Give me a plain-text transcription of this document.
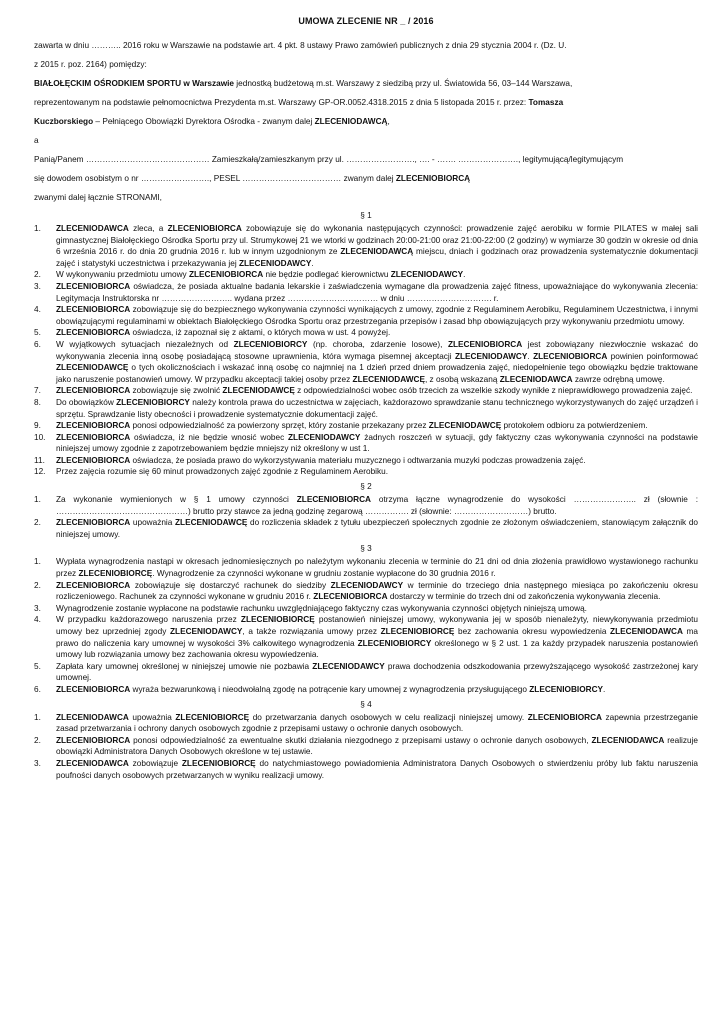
UMOWA ZLECENIE NR _ / 2016

zawarta w dniu ……….. 2016 roku w Warszawie na podstawie art. 4 pkt. 8 ustawy Prawo zamówień publicznych z dnia 29 stycznia 2004 r. (Dz. U.

z 2015 r. poz. 2164) pomiędzy:

BIAŁOŁĘCKIM OŚRODKIEM SPORTU w Warszawie jednostką budżetową m.st. Warszawy z siedzibą przy ul. Światowida 56, 03–144 Warszawa,

reprezentowanym na podstawie pełnomocnictwa Prezydenta m.st. Warszawy GP-OR.0052.4318.2015 z dnia 5 listopada 2015 r. przez: Tomasza

Kuczborskiego – Pełniącego Obowiązki Dyrektora Ośrodka - zwanym dalej ZLECENIODAWCĄ,

a

Panią/Panem ……………………………………… Zamieszkałą/zamieszkanym przy ul. ……………………., …. - ……. …………………., legitymującą/legitymującym

się dowodem osobistym o nr ……………………., PESEL ……………………………… zwanym dalej ZLECENIOBIORCĄ

zwanymi dalej łącznie STRONAMI,

§ 1
1. ZLECENIODAWCA zleca, a ZLECENIOBIORCA zobowiązuje się do wykonania następujących czynności: prowadzenie zajęć aerobiku w formie PILATES w małej sali gimnastycznej Białołęckiego Ośrodka Sportu przy ul. Strumykowej 21 we wtorki w godzinach 20:00-21:00 oraz 21:00-22:00 (2 godziny) w wymiarze 30 godzin w okresie od dnia 6 września 2016 r. do dnia 20 grudnia 2016 r. lub w innym uzgodnionym ze ZLECENIODAWCĄ miejscu, dniach i godzinach oraz prowadzenia systematycznie dokumentacji zajęć i statystyki uczestnictwa i przekazywania jej ZLECENIODAWCY.
2. W wykonywaniu przedmiotu umowy ZLECENIOBIORCA nie będzie podlegać kierownictwu ZLECENIODAWCY.
3. ZLECENIOBIORCA oświadcza, że posiada aktualne badania lekarskie i zaświadczenia wymagane dla prowadzenia zajęć fitness, upoważniające do wykonywania zlecenia: Legitymacja Instruktorska nr …………………….. wydana przez …………………………… w dniu …………………………. r.
4. ZLECENIOBIORCA zobowiązuje się do bezpiecznego wykonywania czynności wynikających z umowy, zgodnie z Regulaminem Aerobiku, Regulaminem Uczestnictwa, i innymi obowiązującymi regulaminami w obiektach Białołęckiego Ośrodka Sportu oraz przestrzegania przepisów i zasad bhp obowiązujących przy wykonywaniu przedmiotu umowy.
5. ZLECENIOBIORCA oświadcza, iż zapoznał się z aktami, o których mowa w ust. 4 powyżej.
6. W wyjątkowych sytuacjach niezależnych od ZLECENIOBIORCY (np. choroba, zdarzenie losowe), ZLECENIOBIORCA jest zobowiązany niezwłocznie wskazać do wykonywania zlecenia inną osobę posiadającą stosowne uprawnienia, która wymaga pisemnej akceptacji ZLECENIODAWCY. ZLECENIOBIORCA powinien poinformować ZLECENIODAWCĘ o tych okolicznościach i wskazać inną osobę co najmniej na 1 dzień przed dniem prowadzenia zajęć, niedopełnienie tego obowiązku będzie traktowane jako naruszenie postanowień umowy. W przypadku akceptacji takiej osoby przez ZLECENIODAWCĘ, z osobą wskazaną ZLECENIODAWCA zawrze odrębną umowę.
7. ZLECENIOBIORCA zobowiązuje się zwolnić ZLECENIODAWCĘ z odpowiedzialności wobec osób trzecich za wszelkie szkody wynikłe z nieprawidłowego prowadzenia zajęć.
8. Do obowiązków ZLECENIOBIORCY należy kontrola prawa do uczestnictwa w zajęciach, każdorazowo sprawdzanie stanu technicznego wykorzystywanych do zajęć urządzeń i sprzętu. Sprawdzanie listy obecności i prowadzenie systematycznie dokumentacji zajęć.
9. ZLECENIOBIORCA ponosi odpowiedzialność za powierzony sprzęt, który zostanie przekazany przez ZLECENIODAWCĘ protokołem odbioru za potwierdzeniem.
10. ZLECENIOBIORCA oświadcza, iż nie będzie wnosić wobec ZLECENIODAWCY żadnych roszczeń w sytuacji, gdy faktyczny czas wykonywania czynności na podstawie niniejszej umowy zgodnie z zapotrzebowaniem będzie mniejszy niż określony w ust 1.
11. ZLECENIOBIORCA oświadcza, że posiada prawo do wykorzystywania materiału muzycznego i odtwarzania muzyki podczas prowadzenia zajęć.
12. Przez zajęcia rozumie się 60 minut prowadzonych zajęć zgodnie z Regulaminem Aerobiku.
§ 2
1. Za wykonanie wymienionych w § 1 umowy czynności ZLECENIOBIORCA otrzyma łączne wynagrodzenie do wysokości ………………….. zł (słownie : …………………………………………) brutto przy stawce za jedną godzinę zegarową ……………. zł (słownie: ………………………) brutto.
2. ZLECENIOBIORCA upoważnia ZLECENIODAWCĘ do rozliczenia składek z tytułu ubezpieczeń społecznych zgodnie ze złożonym oświadczeniem, stanowiącym załącznik do niniejszej umowy.
§ 3
1. Wypłata wynagrodzenia nastąpi w okresach jednomiesięcznych po należytym wykonaniu zlecenia w terminie do 21 dni od dnia złożenia prawidłowo wystawionego rachunku przez ZLECENIOBIORCĘ. Wynagrodzenie za czynności wykonane w grudniu zostanie wypłacone do 30 grudnia 2016 r.
2. ZLECENIOBIORCA zobowiązuje się dostarczyć rachunek do siedziby ZLECENIODAWCY w terminie do trzeciego dnia następnego miesiąca po zakończeniu okresu rozliczeniowego. Rachunek za czynności wykonane w grudniu 2016 r. ZLECENIOBIORCA dostarczy w terminie do trzech dni od zakończenia wykonywania zlecenia.
3. Wynagrodzenie zostanie wypłacone na podstawie rachunku uwzględniającego faktyczny czas wykonywania czynności objętych niniejszą umową.
4. W przypadku każdorazowego naruszenia przez ZLECENIOBIORCĘ postanowień niniejszej umowy, wykonywania jej w sposób nienależyty, niewykonywania przedmiotu umowy bez uprzedniej zgody ZLECENIODAWCY, a także rozwiązania umowy przez ZLECENIOBIORCĘ bez zachowania okresu wypowiedzenia ZLECENIODAWCA ma prawo do naliczenia kary umownej w wysokości 3% całkowitego wynagrodzenia ZLECENIOBIORCY określonego w § 2 ust. 1 za każdy przypadek naruszenia postanowień umowy lub rozwiązania umowy bez zachowania okresu wypowiedzenia.
5. Zapłata kary umownej określonej w niniejszej umowie nie pozbawia ZLECENIODAWCY prawa dochodzenia odszkodowania przewyższającego wysokość zastrzeżonej kary umownej.
6. ZLECENIOBIORCA wyraża bezwarunkową i nieodwołalną zgodę na potrącenie kary umownej z wynagrodzenia przysługującego ZLECENIOBIORCY.
§ 4
1. ZLECENIODAWCA upoważnia ZLECENIOBIORCĘ do przetwarzania danych osobowych w celu realizacji niniejszej umowy. ZLECENIOBIORCA zapewnia przestrzeganie zasad przetwarzania i ochrony danych osobowych zgodnie z przepisami ustawy o ochronie danych osobowych.
2. ZLECENIOBIORCA ponosi odpowiedzialność za ewentualne skutki działania niezgodnego z przepisami ustawy o ochronie danych osobowych, ZLECENIODAWCA realizuje obowiązki Administratora Danych Osobowych określone w tej ustawie.
3. ZLECENIODAWCA zobowiązuje ZLECENIOBIORCĘ do natychmiastowego powiadomienia Administratora Danych Osobowych o stwierdzeniu próby lub faktu naruszenia poufności danych osobowych przetwarzanych w wyniku realizacji umowy.
